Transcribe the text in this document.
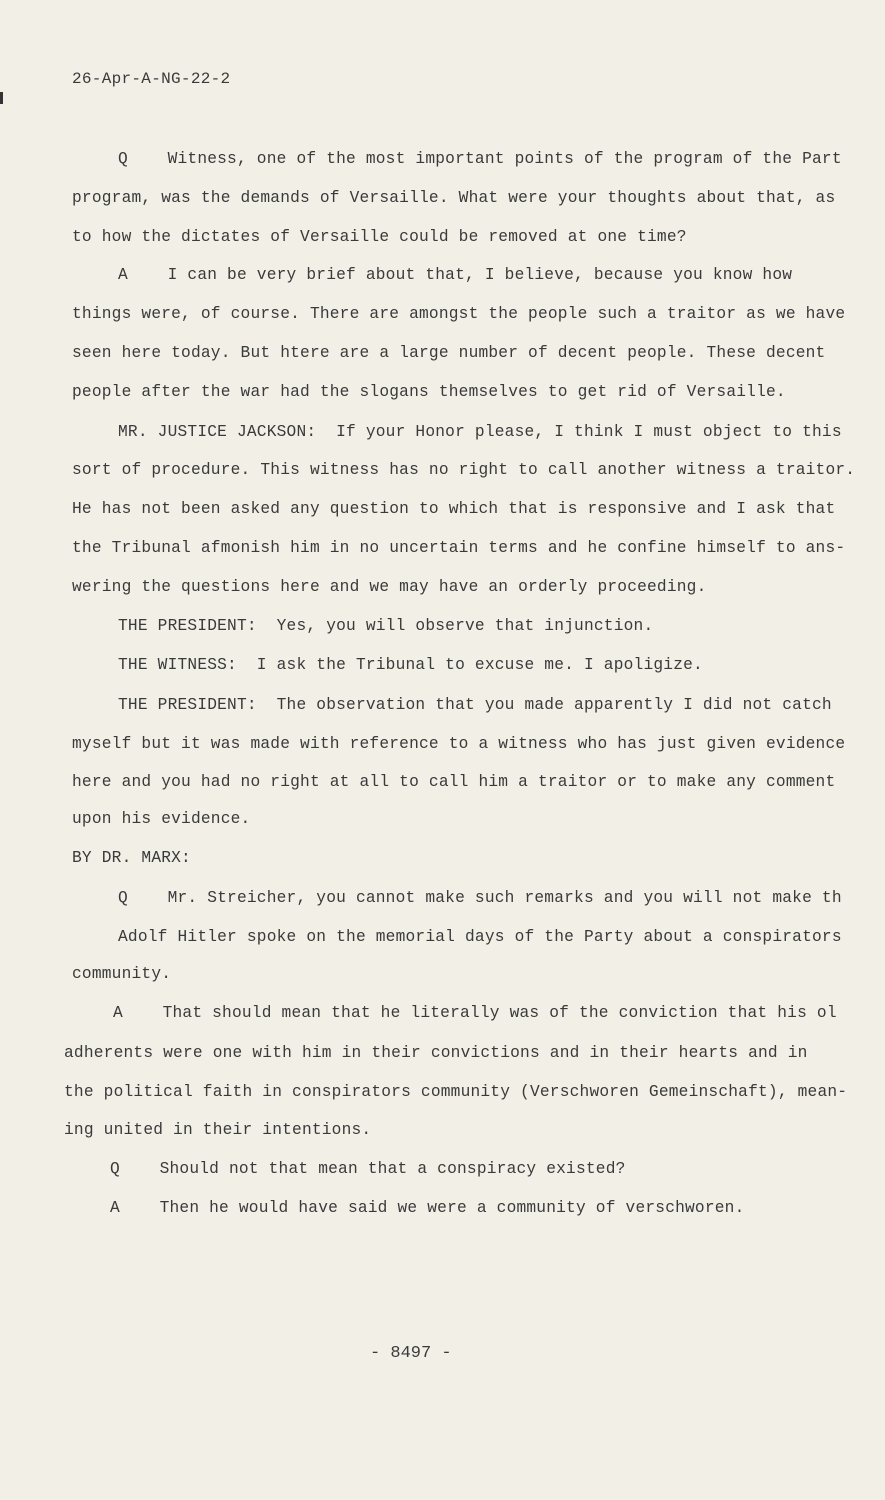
26-Apr-A-NG-22-2
Q    Witness, one of the most important points of the program of the Part
program, was the demands of Versaille. What were your thoughts about that, as
to how the dictates of Versaille could be removed at one time?
A    I can be very brief about that, I believe, because you know how
things were, of course. There are amongst the people such a traitor as we have
seen here today. But htere are a large number of decent people. These decent
people after the war had the slogans themselves to get rid of Versaille.
MR. JUSTICE JACKSON:  If your Honor please, I think I must object to this
sort of procedure. This witness has no right to call another witness a traitor.
He has not been asked any question to which that is responsive and I ask that
the Tribunal afmonish him in no uncertain terms and he confine himself to ans-
wering the questions here and we may have an orderly proceeding.
THE PRESIDENT:  Yes, you will observe that injunction.
THE WITNESS:  I ask the Tribunal to excuse me. I apoligize.
THE PRESIDENT:  The observation that you made apparently I did not catch
myself but it was made with reference to a witness who has just given evidence
here and you had no right at all to call him a traitor or to make any comment
upon his evidence.
BY DR. MARX:
Q    Mr. Streicher, you cannot make such remarks and you will not make th
Adolf Hitler spoke on the memorial days of the Party about a conspirators
community.
A    That should mean that he literally was of the conviction that his ol
adherents were one with him in their convictions and in their hearts and in
the political faith in conspirators community (Verschworen Gemeinschaft), mean-
ing united in their intentions.
Q    Should not that mean that a conspiracy existed?
A    Then he would have said we were a community of verschworen.
- 8497 -
